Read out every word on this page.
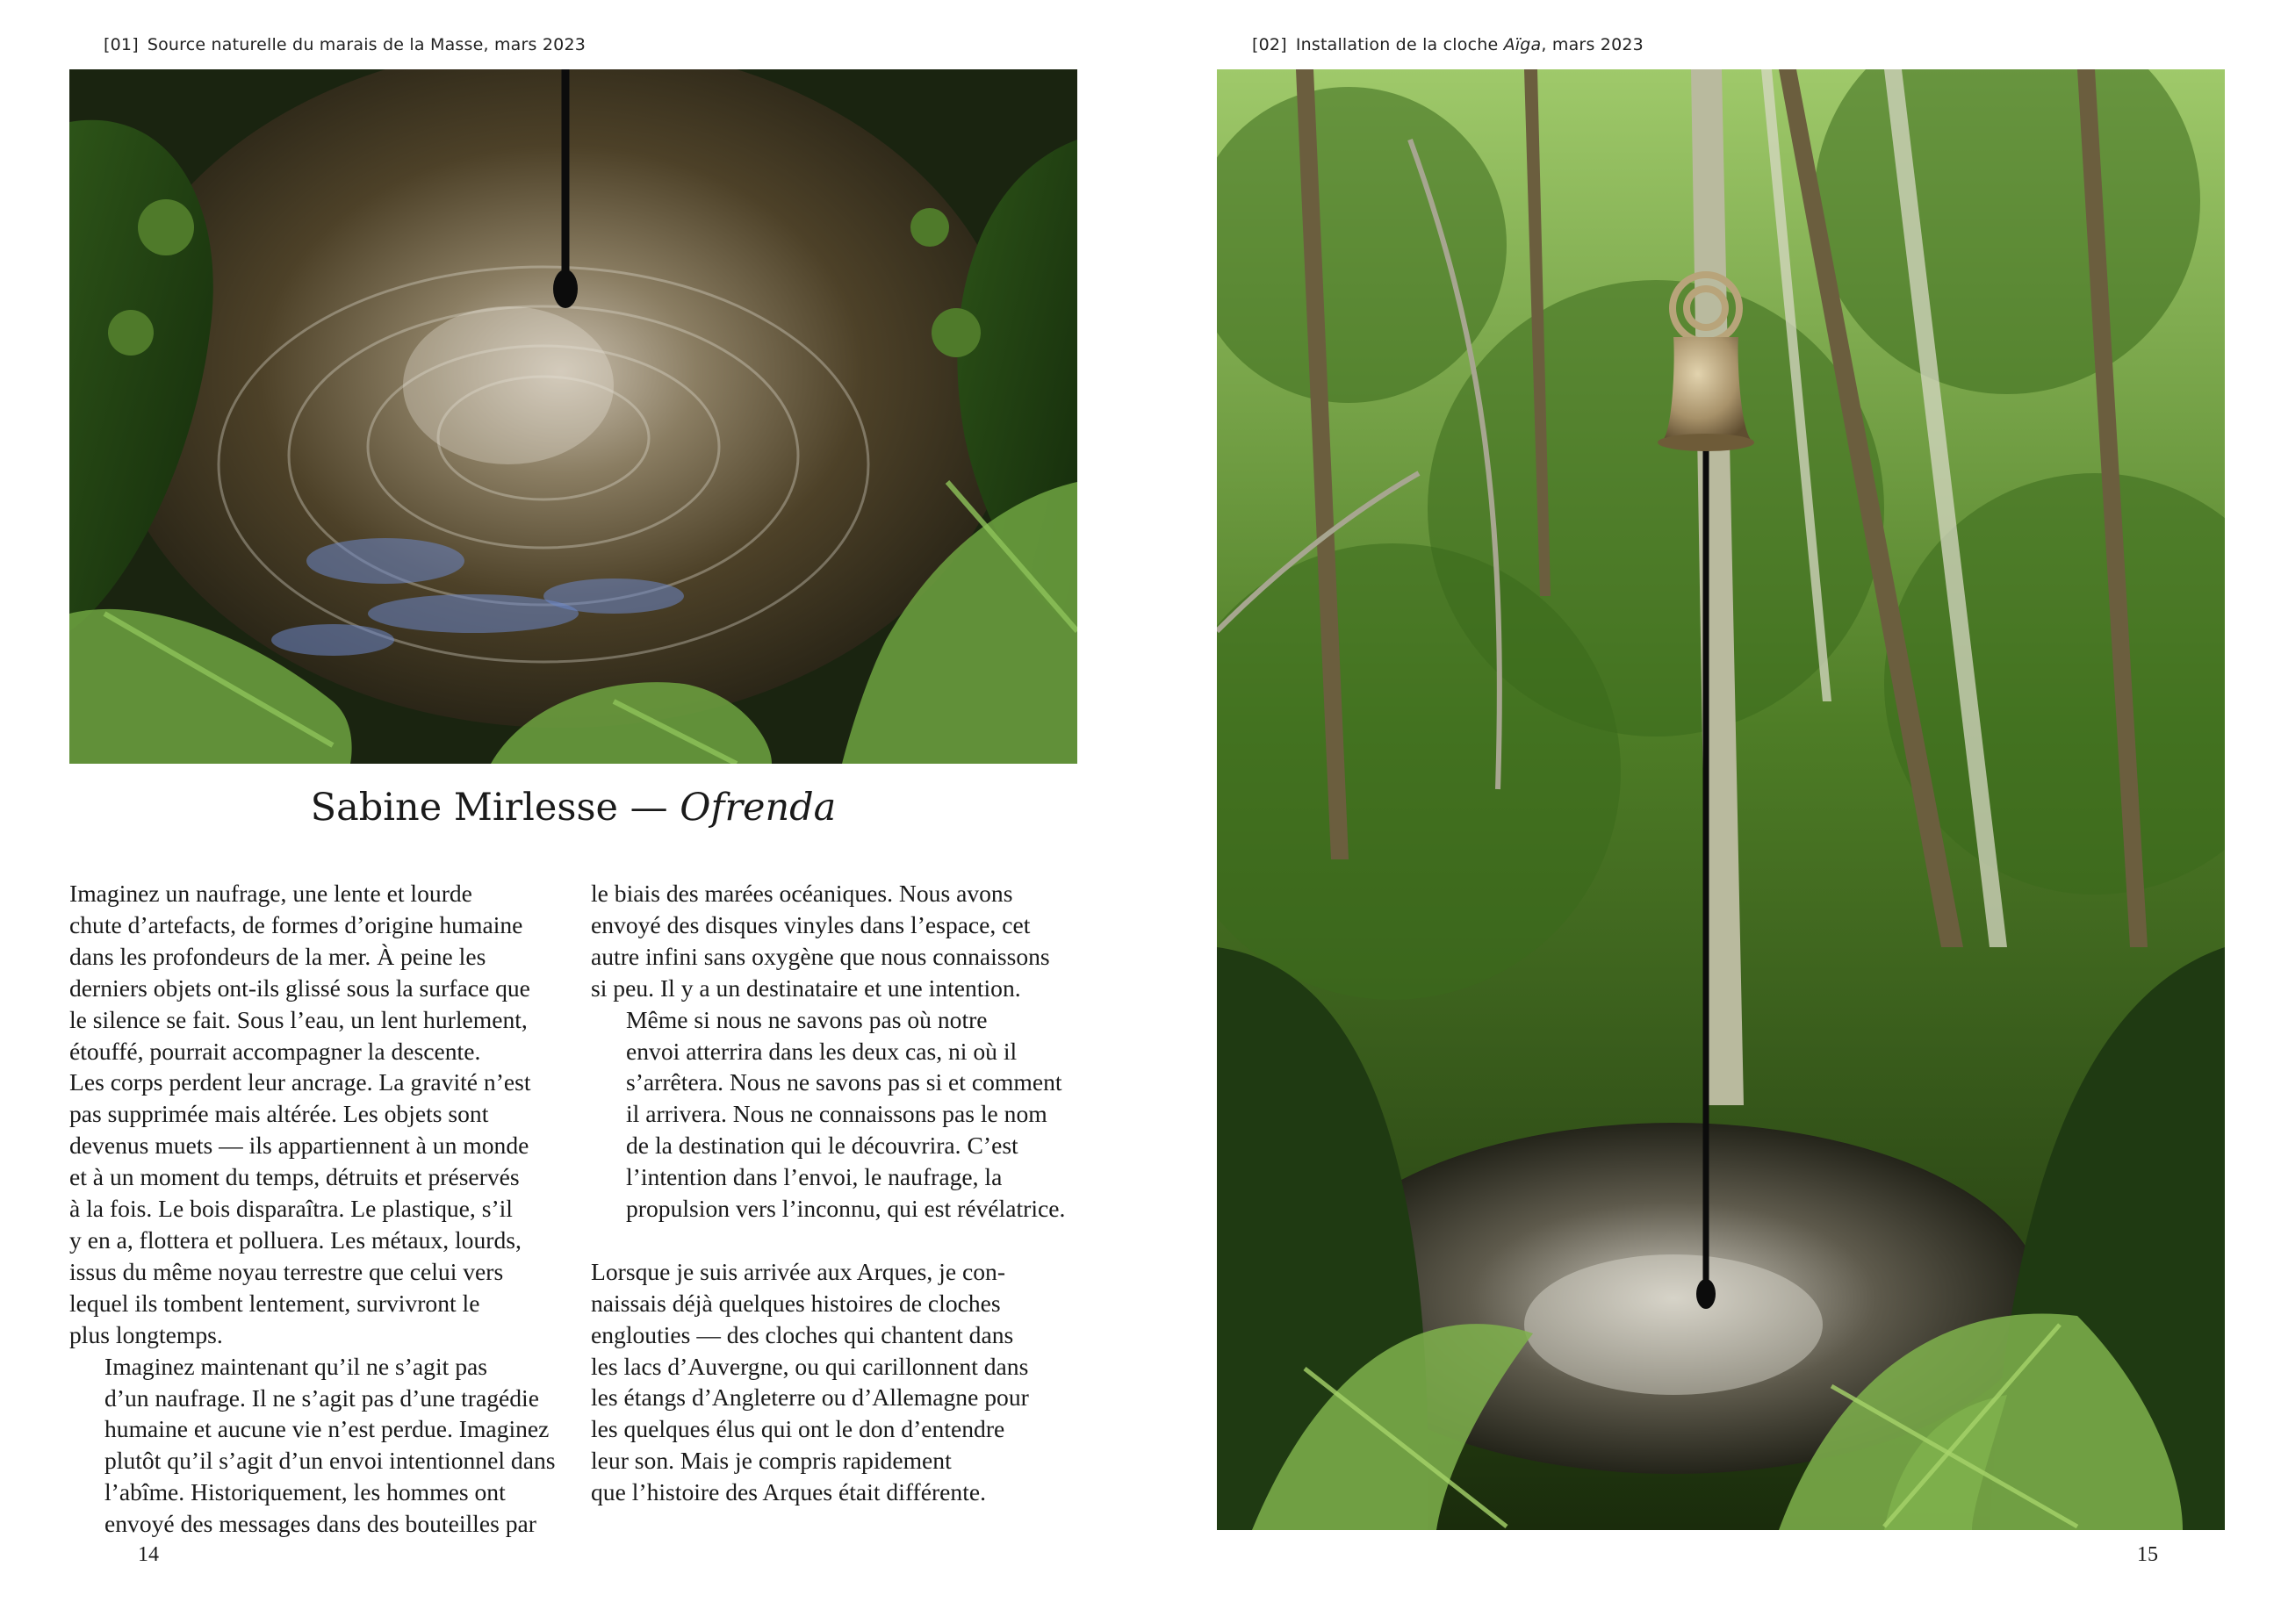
[01] Source naturelle du marais de la Masse, mars 2023
Sabine Mirlesse — Ofrenda

Imaginez un naufrage, une lente et lourde
chute d’artefacts, de formes d’origine humaine
dans les profondeurs de la mer. À peine les
derniers objets ont-ils glissé sous la surface que
le silence se fait. Sous l’eau, un lent hurlement,
étouffé, pourrait accompagner la descente.
Les corps perdent leur ancrage. La gravité n’est
pas supprimée mais altérée. Les objets sont
devenus muets — ils appartiennent à un monde
et à un moment du temps, détruits et préservés
à la fois. Le bois disparaîtra. Le plastique, s’il
y en a, flottera et polluera. Les métaux, lourds,
issus du même noyau terrestre que celui vers
lequel ils tombent lentement, survivront le
plus longtemps.

Imaginez maintenant qu’il ne s’agit pas
d’un naufrage. Il ne s’agit pas d’une tragédie
humaine et aucune vie n’est perdue. Imaginez
plutôt qu’il s’agit d’un envoi intentionnel dans
l’abîme. Historiquement, les hommes ont
envoyé des messages dans des bouteilles par

le biais des marées océaniques. Nous avons
envoyé des disques vinyles dans l’espace, cet
autre infini sans oxygène que nous connaissons
si peu. Il y a un destinataire et une intention.

Même si nous ne savons pas où notre
envoi atterrira dans les deux cas, ni où il
s’arrêtera. Nous ne savons pas si et comment
il arrivera. Nous ne connaissons pas le nom
de la destination qui le découvrira. C’est
l’intention dans l’envoi, le naufrage, la
propulsion vers l’inconnu, qui est révélatrice.

Lorsque je suis arrivée aux Arques, je con-
naissais déjà quelques histoires de cloches
englouties — des cloches qui chantent dans
les lacs d’Auvergne, ou qui carillonnent dans
les étangs d’Angleterre ou d’Allemagne pour
les quelques élus qui ont le don d’entendre
leur son. Mais je compris rapidement
que l’histoire des Arques était différente.

14
[02] Installation de la cloche Aïga, mars 2023
15
